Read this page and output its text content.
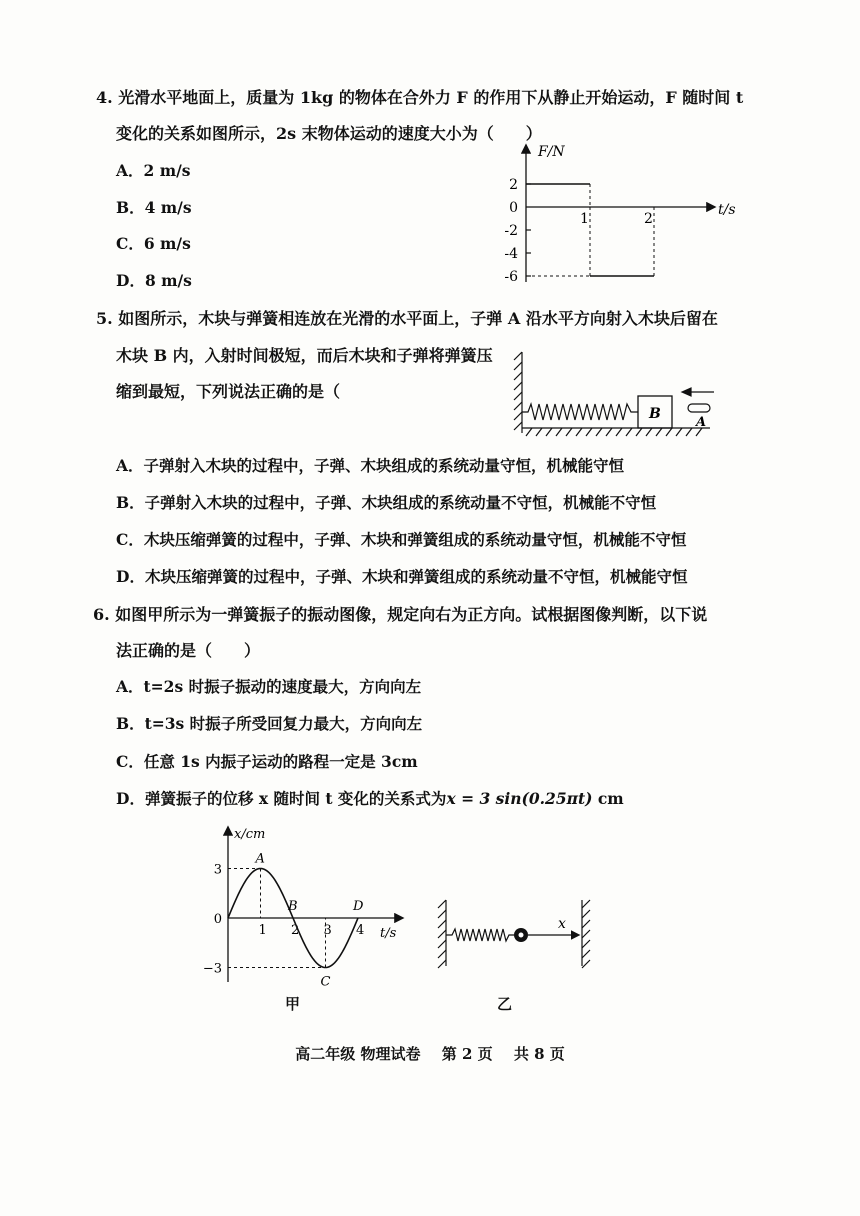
4. 光滑水平地面上，质量为 1kg 的物体在合外力 F 的作用下从静止开始运动，F 随时间 t
变化的关系如图所示，2s 末物体运动的速度大小为（　　）
A．2 m/s
B．4 m/s
C．6 m/s
D．8 m/s
F/N
t/s
2
0
-2
-4
-6
1	2
5. 如图所示，木块与弹簧相连放在光滑的水平面上，子弹 A 沿水平方向射入木块后留在
木块 B 内，入射时间极短，而后木块和子弹将弹簧压
缩到最短，下列说法正确的是（
B
A
A．子弹射入木块的过程中，子弹、木块组成的系统动量守恒，机械能守恒
B．子弹射入木块的过程中，子弹、木块组成的系统动量不守恒，机械能不守恒
C．木块压缩弹簧的过程中，子弹、木块和弹簧组成的系统动量守恒，机械能不守恒
D．木块压缩弹簧的过程中，子弹、木块和弹簧组成的系统动量不守恒，机械能守恒
6. 如图甲所示为一弹簧振子的振动图像，规定向右为正方向。试根据图像判断，以下说
法正确的是（　　）
A．t=2s 时振子振动的速度最大，方向向左
B．t=3s 时振子所受回复力最大，方向向左
C．任意 1s 内振子运动的路程一定是 3cm
D．弹簧振子的位移 x 随时间 t 变化的关系式为x = 3 sin(0.25πt) cm
x/cm
t/s
3
0
−3
1 2 3 4
A
B
C
D
甲
x
乙
高二年级 物理试卷 第 2 页 共 8 页
